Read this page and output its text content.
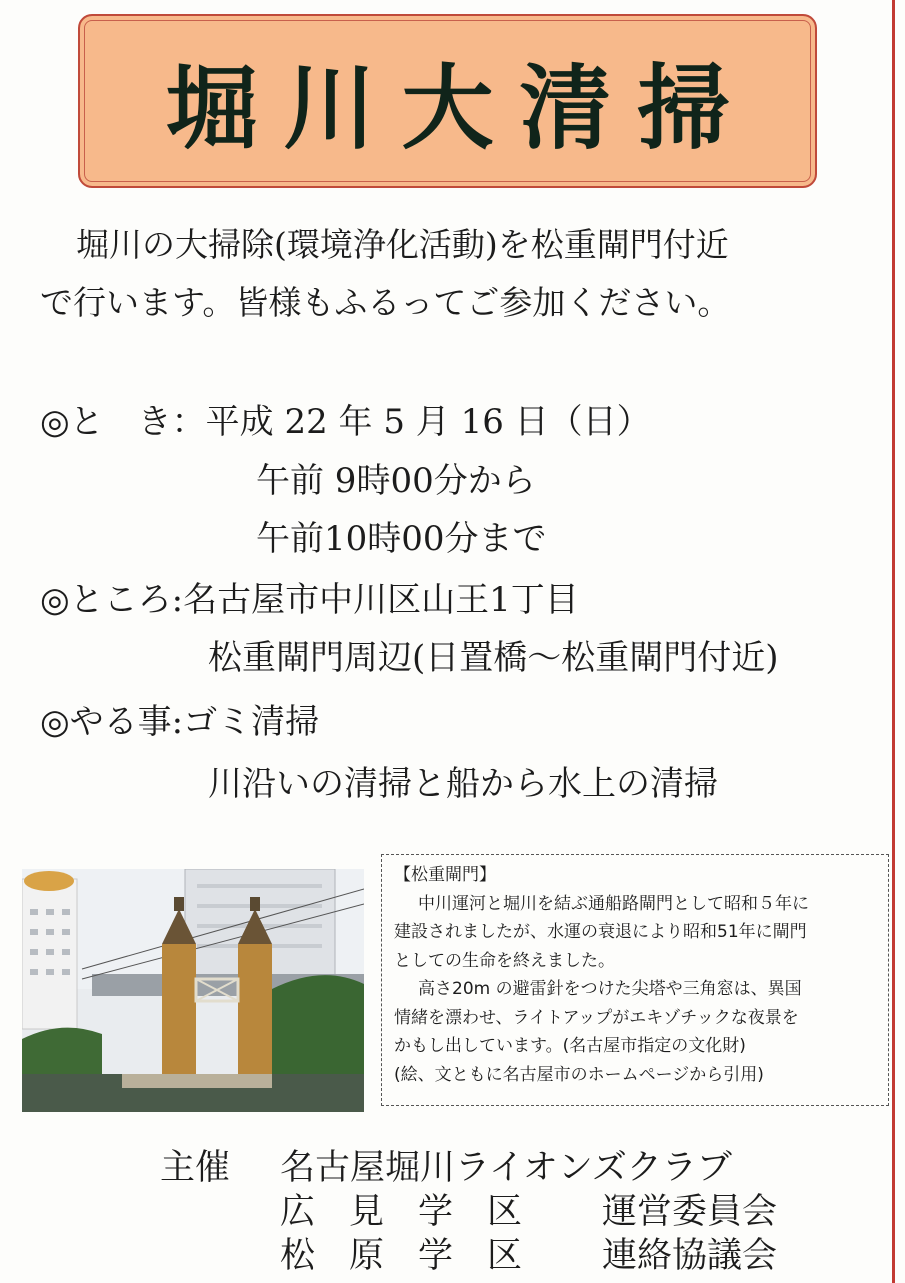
堀川大清掃
堀川の大掃除(環境浄化活動)を松重閘門付近
で行います。皆様もふるってご参加ください。
◎と　き：平成 22 年 5 月 16 日（日）
午前 9時00分から
午前10時00分まで
◎ところ:名古屋市中川区山王1丁目
松重閘門周辺(日置橋～松重閘門付近)
◎やる事:ゴミ清掃
川沿いの清掃と船から水上の清掃
【松重閘門】
中川運河と堀川を結ぶ通船路閘門として昭和５年に
建設されましたが、水運の衰退により昭和51年に閘門
としての生命を終えました。
高さ20m の避雷針をつけた尖塔や三角窓は、異国
情緒を漂わせ、ライトアップがエキゾチックな夜景を
かもし出しています。(名古屋市指定の文化財)
(絵、文ともに名古屋市のホームページから引用)
主催 名古屋堀川ライオンズクラブ
広見学区 運営委員会
松原学区 連絡協議会
